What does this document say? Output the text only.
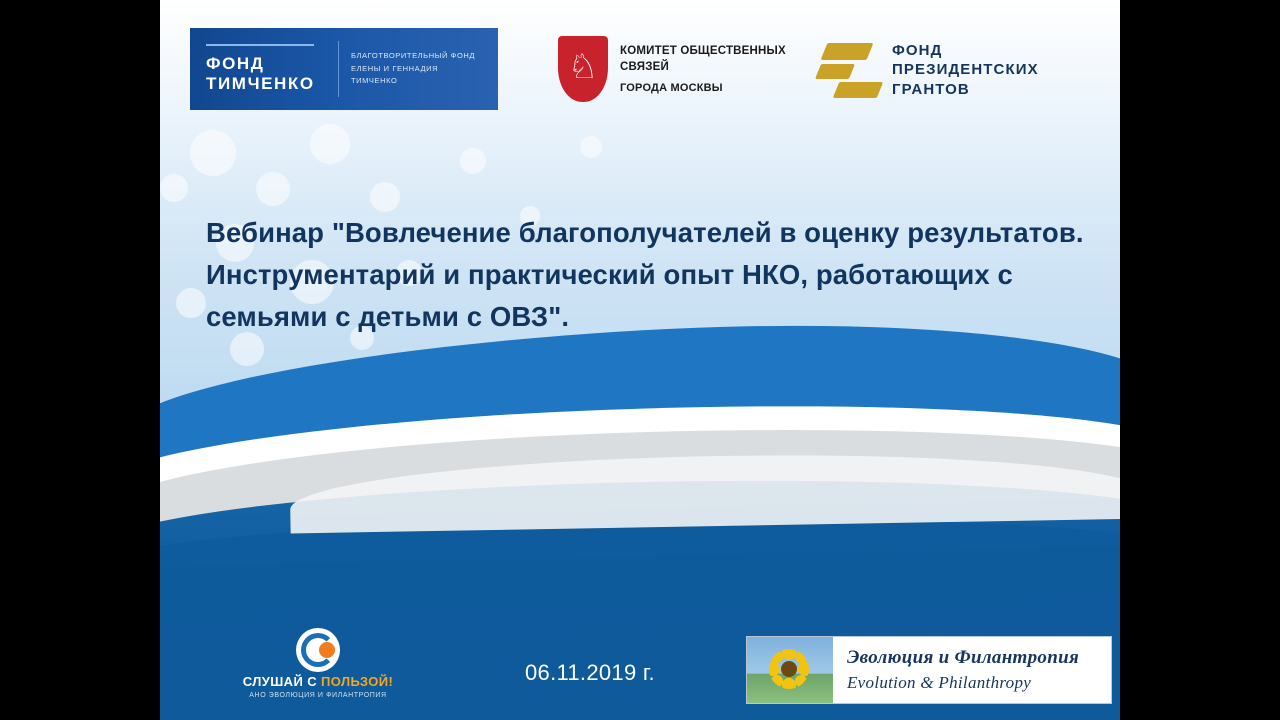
ФОНД
ТИМЧЕНКО
БЛАГОТВОРИТЕЛЬНЫЙ ФОНД
ЕЛЕНЫ И ГЕННАДИЯ
ТИМЧЕНКО	♘ КОМИТЕТ ОБЩЕСТВЕННЫХ
СВЯЗЕЙ
ГОРОДА МОСКВЫ
ФОНД
ПРЕЗИДЕНТСКИХ
ГРАНТОВ
Вебинар "Вовлечение благополучателей в оценку результатов. Инструментарий и практический опыт НКО, работающих с семьями с детьми с ОВЗ".
06.11.2019 г.
СЛУШАЙ С ПОЛЬЗОЙ!
АНО ЭВОЛЮЦИЯ И ФИЛАНТРОПИЯ
Эволюция и Филантропия
Evolution & Philanthropy
